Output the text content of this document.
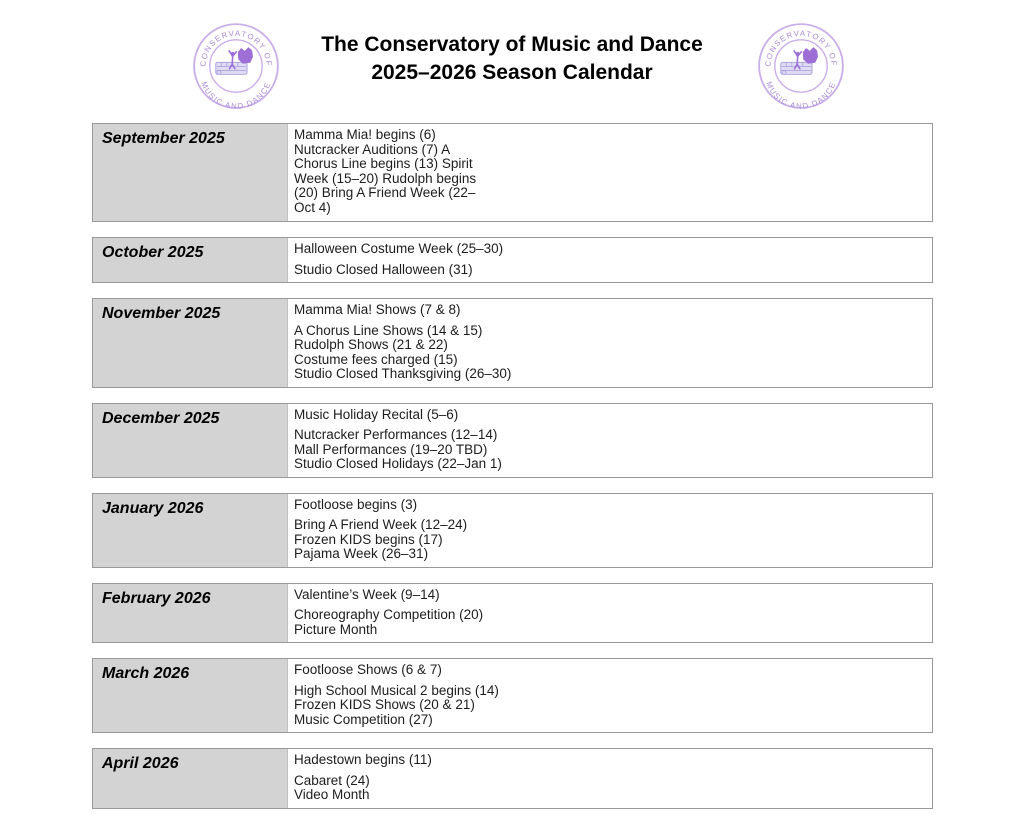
CONSERVATORY OF
MUSIC AND DANCE
The Conservatory of Music and Dance
2025–2026 Season Calendar	CONSERVATORY OF
MUSIC AND DANCE
September 2025	Mamma Mia! begins (6)
Nutcracker Auditions (7) A
Chorus Line begins (13) Spirit
Week (15–20) Rudolph begins
(20) Bring A Friend Week (22–
Oct 4)

October 2025	Halloween Costume Week (25–30)

Studio Closed Halloween (31)

November 2025	Mamma Mia! Shows (7 & 8)

A Chorus Line Shows (14 & 15)
Rudolph Shows (21 & 22)
Costume fees charged (15)
Studio Closed Thanksgiving (26–30)

December 2025	Music Holiday Recital (5–6)

Nutcracker Performances (12–14)
Mall Performances (19–20 TBD)
Studio Closed Holidays (22–Jan 1)

January 2026	Footloose begins (3)

Bring A Friend Week (12–24)
Frozen KIDS begins (17)
Pajama Week (26–31)

February 2026	Valentine’s Week (9–14)

Choreography Competition (20)
Picture Month

March 2026	Footloose Shows (6 & 7)

High School Musical 2 begins (14)
Frozen KIDS Shows (20 & 21)
Music Competition (27)

April 2026	Hadestown begins (11)

Cabaret (24)
Video Month
